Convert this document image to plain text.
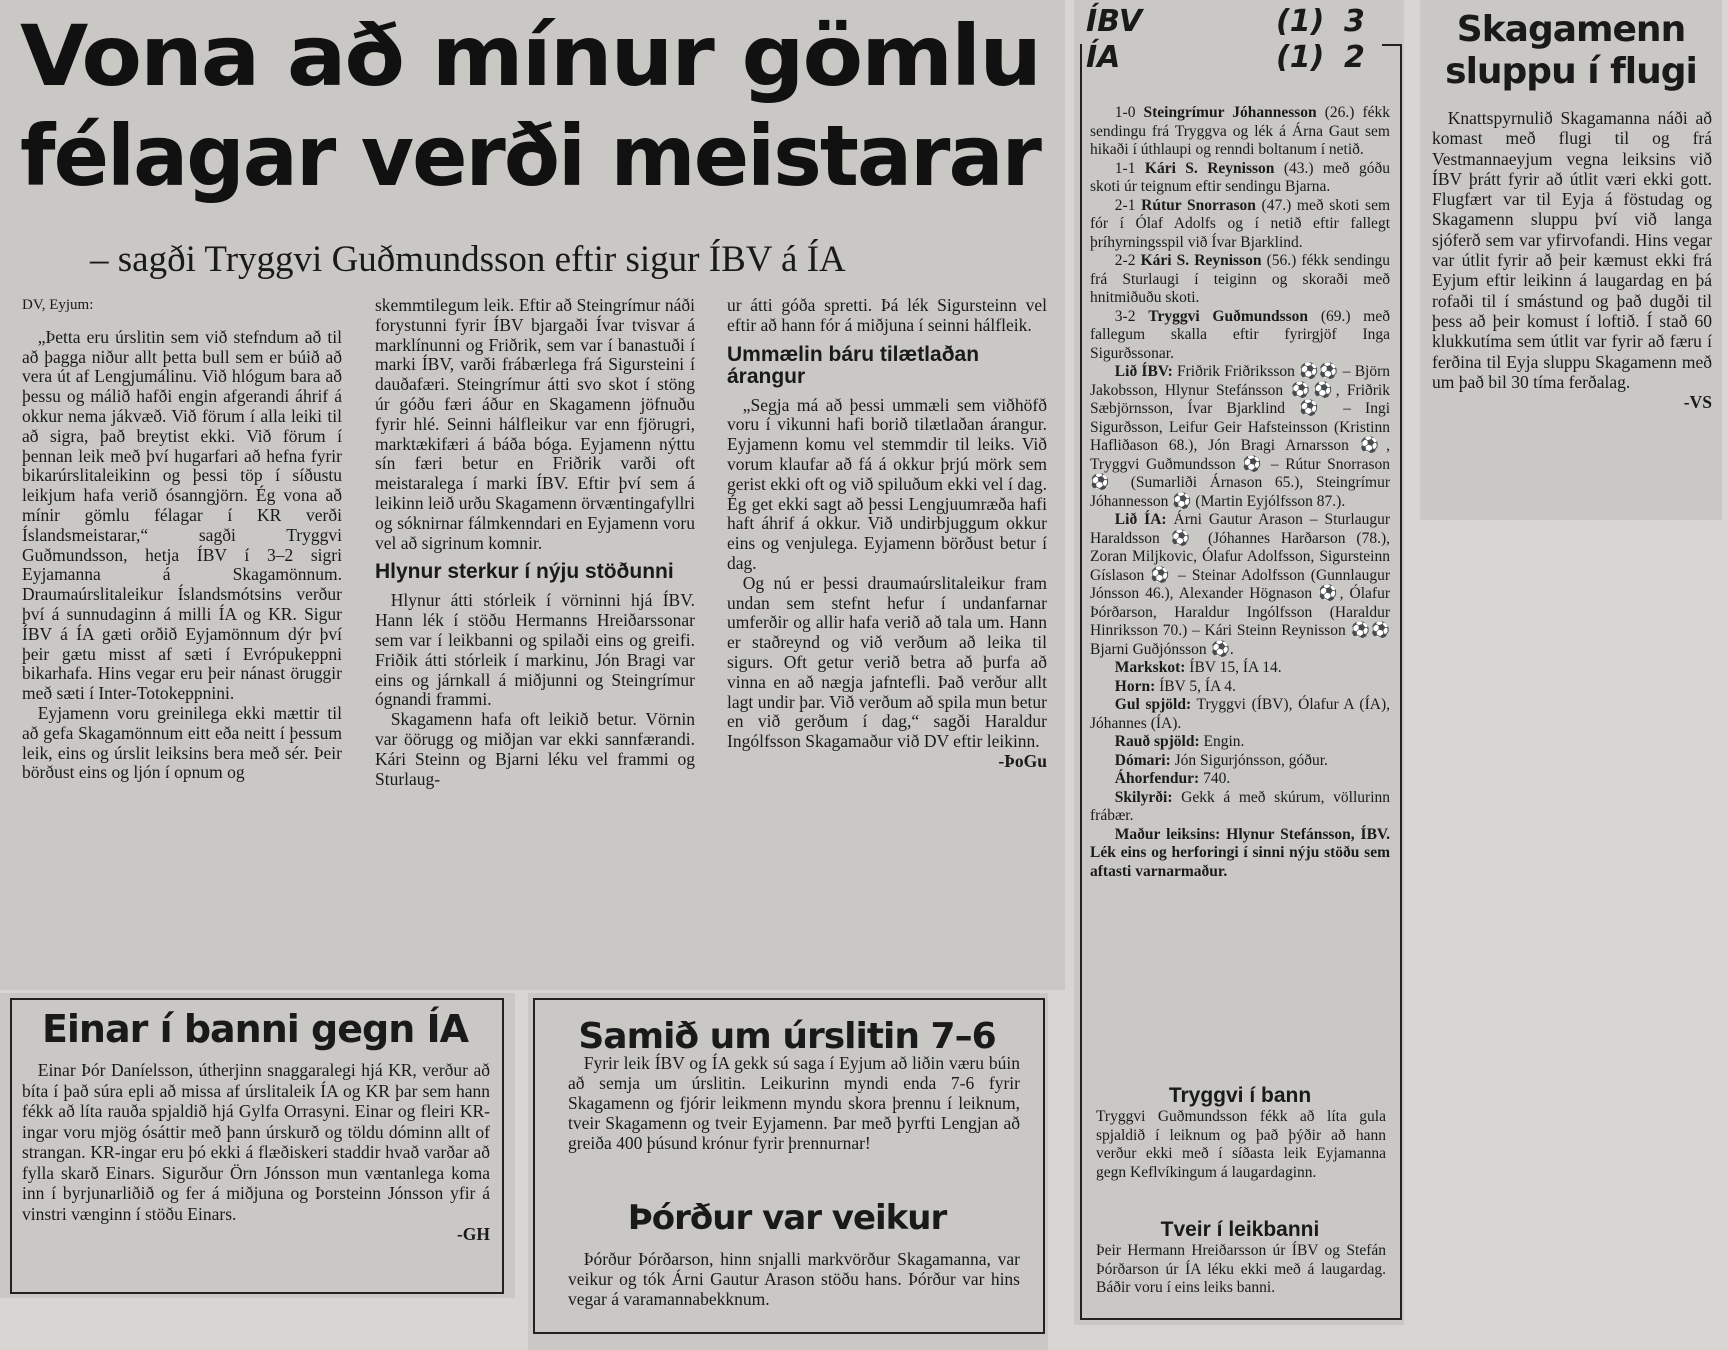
Vona að mínur gömlu
félagar verði meistarar
– sagði Tryggvi Guðmundsson eftir sigur ÍBV á ÍA

DV, Eyjum:

„Þetta eru úrslitin sem við stefndum að til að þagga niður allt þetta bull sem er búið að vera út af Lengjumálinu. Við hlógum bara að þessu og málið hafði engin afgerandi áhrif á okkur nema jákvæð. Við förum í alla leiki til að sigra, það breytist ekki. Við förum í þennan leik með því hugarfari að hefna fyrir bikarúrslitaleikinn og þessi töp í síðustu leikjum hafa verið ósanngjörn. Ég vona að mínir gömlu félagar í KR verði Íslandsmeistarar,“ sagði Tryggvi Guðmundsson, hetja ÍBV í 3–2 sigri Eyjamanna á Skagamönnum. Draumaúrslitaleikur Íslandsmótsins verður því á sunnudaginn á milli ÍA og KR. Sigur ÍBV á ÍA gæti orðið Eyjamönnum dýr því þeir gætu misst af sæti í Evrópukeppni bikarhafa. Hins vegar eru þeir nánast öruggir með sæti í Inter-Totokeppnini.

Eyjamenn voru greinilega ekki mættir til að gefa Skagamönnum eitt eða neitt í þessum leik, eins og úrslit leiksins bera með sér. Þeir börðust eins og ljón í opnum og

skemmtilegum leik. Eftir að Steingrímur náði forystunni fyrir ÍBV bjargaði Ívar tvisvar á marklínunni og Friðrik, sem var í banastuði í marki ÍBV, varði frábærlega frá Sigursteini í dauðafæri. Steingrímur átti svo skot í stöng úr góðu færi áður en Skagamenn jöfnuðu fyrir hlé. Seinni hálfleikur var enn fjörugri, marktækifæri á báða bóga. Eyjamenn nýttu sín færi betur en Friðrik varði oft meistaralega í marki ÍBV. Eftir því sem á leikinn leið urðu Skagamenn örvæntingafyllri og sóknirnar fálmkenndari en Eyjamenn voru vel að sigrinum komnir.

Hlynur sterkur í nýju stöðunni

Hlynur átti stórleik í vörninni hjá ÍBV. Hann lék í stöðu Hermanns Hreiðarssonar sem var í leikbanni og spilaði eins og greifi. Friðik átti stórleik í markinu, Jón Bragi var eins og járnkall á miðjunni og Steingrímur ógnandi frammi.

Skagamenn hafa oft leikið betur. Vörnin var öörugg og miðjan var ekki sannfærandi. Kári Steinn og Bjarni léku vel frammi og Sturlaug-

ur átti góða spretti. Þá lék Sigursteinn vel eftir að hann fór á miðjuna í seinni hálfleik.

Ummælin báru tilætlaðan árangur

„Segja má að þessi ummæli sem viðhöfð voru í vikunni hafi borið tilætlaðan árangur. Eyjamenn komu vel stemmdir til leiks. Við vorum klaufar að fá á okkur þrjú mörk sem gerist ekki oft og við spiluðum ekki vel í dag. Ég get ekki sagt að þessi Lengjuumræða hafi haft áhrif á okkur. Við undirbjuggum okkur eins og venjulega. Eyjamenn börðust betur í dag.

Og nú er þessi draumaúrslitaleikur fram undan sem stefnt hefur í undanfarnar umferðir og allir hafa verið að tala um. Hann er staðreynd og við verðum að leika til sigurs. Oft getur verið betra að þurfa að vinna en að nægja jafntefli. Það verður allt lagt undir þar. Við verðum að spila mun betur en við gerðum í dag,“ sagði Haraldur Ingólfsson Skagamaður við DV eftir leikinn.

-ÞoGu
Einar í banni gegn ÍA

Einar Þór Daníelsson, útherjinn snaggaralegi hjá KR, verður að bíta í það súra epli að missa af úrslitaleik ÍA og KR þar sem hann fékk að líta rauða spjaldið hjá Gylfa Orrasyni. Einar og fleiri KR-ingar voru mjög ósáttir með þann úrskurð og töldu dóminn allt of strangan. KR-ingar eru þó ekki á flæðiskeri staddir hvað varðar að fylla skarð Einars. Sigurður Örn Jónsson mun væntanlega koma inn í byrjunarliðið og fer á miðjuna og Þorsteinn Jónsson yfir á vinstri vænginn í stöðu Einars.

-GH
Samið um úrslitin 7–6

Fyrir leik ÍBV og ÍA gekk sú saga í Eyjum að liðin væru búin að semja um úrslitin. Leikurinn myndi enda 7-6 fyrir Skagamenn og fjórir leikmenn myndu skora þrennu í leiknum, tveir Skagamenn og tveir Eyjamenn. Þar með þyrfti Lengjan að greiða 400 þúsund krónur fyrir þrennurnar!

Þórður var veikur

Þórður Þórðarson, hinn snjalli markvörður Skagamanna, var veikur og tók Árni Gautur Arason stöðu hans. Þórður var hins vegar á varamannabekknum.

ÍBV	(1) 3
ÍA	(1) 2

1-0 Steingrímur Jóhannesson (26.) fékk sendingu frá Tryggva og lék á Árna Gaut sem hikaði í úthlaupi og renndi boltanum í netið.

1-1 Kári S. Reynisson (43.) með góðu skoti úr teignum eftir sendingu Bjarna.

2-1 Rútur Snorrason (47.) með skoti sem fór í Ólaf Adolfs og í netið eftir fallegt þríhyrningsspil við Ívar Bjarklind.

2-2 Kári S. Reynisson (56.) fékk sendingu frá Sturlaugi í teiginn og skoraði með hnitmiðuðu skoti.

3-2 Tryggvi Guðmundsson (69.) með fallegum skalla eftir fyrirgjöf Inga Sigurðssonar.

Lið ÍBV: Friðrik Friðriksson ⚽⚽ – Björn Jakobsson, Hlynur Stefánsson ⚽⚽, Friðrik Sæbjörnsson, Ívar Bjarklind ⚽ – Ingi Sigurðsson, Leifur Geir Hafsteinsson (Kristinn Hafliðason 68.), Jón Bragi Arnarsson ⚽, Tryggvi Guðmundsson ⚽ – Rútur Snorrason ⚽ (Sumarliði Árnason 65.), Steingrímur Jóhannesson ⚽ (Martin Eyjólfsson 87.).

Lið ÍA: Árni Gautur Arason – Sturlaugur Haraldsson ⚽ (Jóhannes Harðarson (78.), Zoran Miljkovic, Ólafur Adolfsson, Sigursteinn Gíslason ⚽ – Steinar Adolfsson (Gunnlaugur Jónsson 46.), Alexander Högnason ⚽, Ólafur Þórðarson, Haraldur Ingólfsson (Haraldur Hinriksson 70.) – Kári Steinn Reynisson ⚽⚽ Bjarni Guðjónsson ⚽.

Markskot: ÍBV 15, ÍA 14.

Horn: ÍBV 5, ÍA 4.

Gul spjöld: Tryggvi (ÍBV), Ólafur A (ÍA), Jóhannes (ÍA).

Rauð spjöld: Engin.

Dómari: Jón Sigurjónsson, góður.

Áhorfendur: 740.

Skilyrði: Gekk á með skúrum, völlurinn frábær.

Maður leiksins: Hlynur Stefánsson, ÍBV. Lék eins og herforingi í sinni nýju stöðu sem aftasti varnarmaður.

Tryggvi í bann

Tryggvi Guðmundsson fékk að líta gula spjaldið í leiknum og það þýðir að hann verður ekki með í síðasta leik Eyjamanna gegn Keflvíkingum á laugardaginn.

Tveir í leikbanni

Þeir Hermann Hreiðarsson úr ÍBV og Stefán Þórðarson úr ÍA léku ekki með á laugardag. Báðir voru í eins leiks banni.

Skagamenn
sluppu í flugi

Knattspyrnulið Skagamanna náði að komast með flugi til og frá Vestmannaeyjum vegna leiksins við ÍBV þrátt fyrir að útlit væri ekki gott. Flugfært var til Eyja á föstudag og Skagamenn sluppu því við langa sjóferð sem var yfirvofandi. Hins vegar var útlit fyrir að þeir kæmust ekki frá Eyjum eftir leikinn á laugardag en þá rofaði til í smástund og það dugði til þess að þeir komust í loftið. Í stað 60 klukkutíma sem útlit var fyrir að færu í ferðina til Eyja sluppu Skagamenn með um það bil 30 tíma ferðalag.

-VS
